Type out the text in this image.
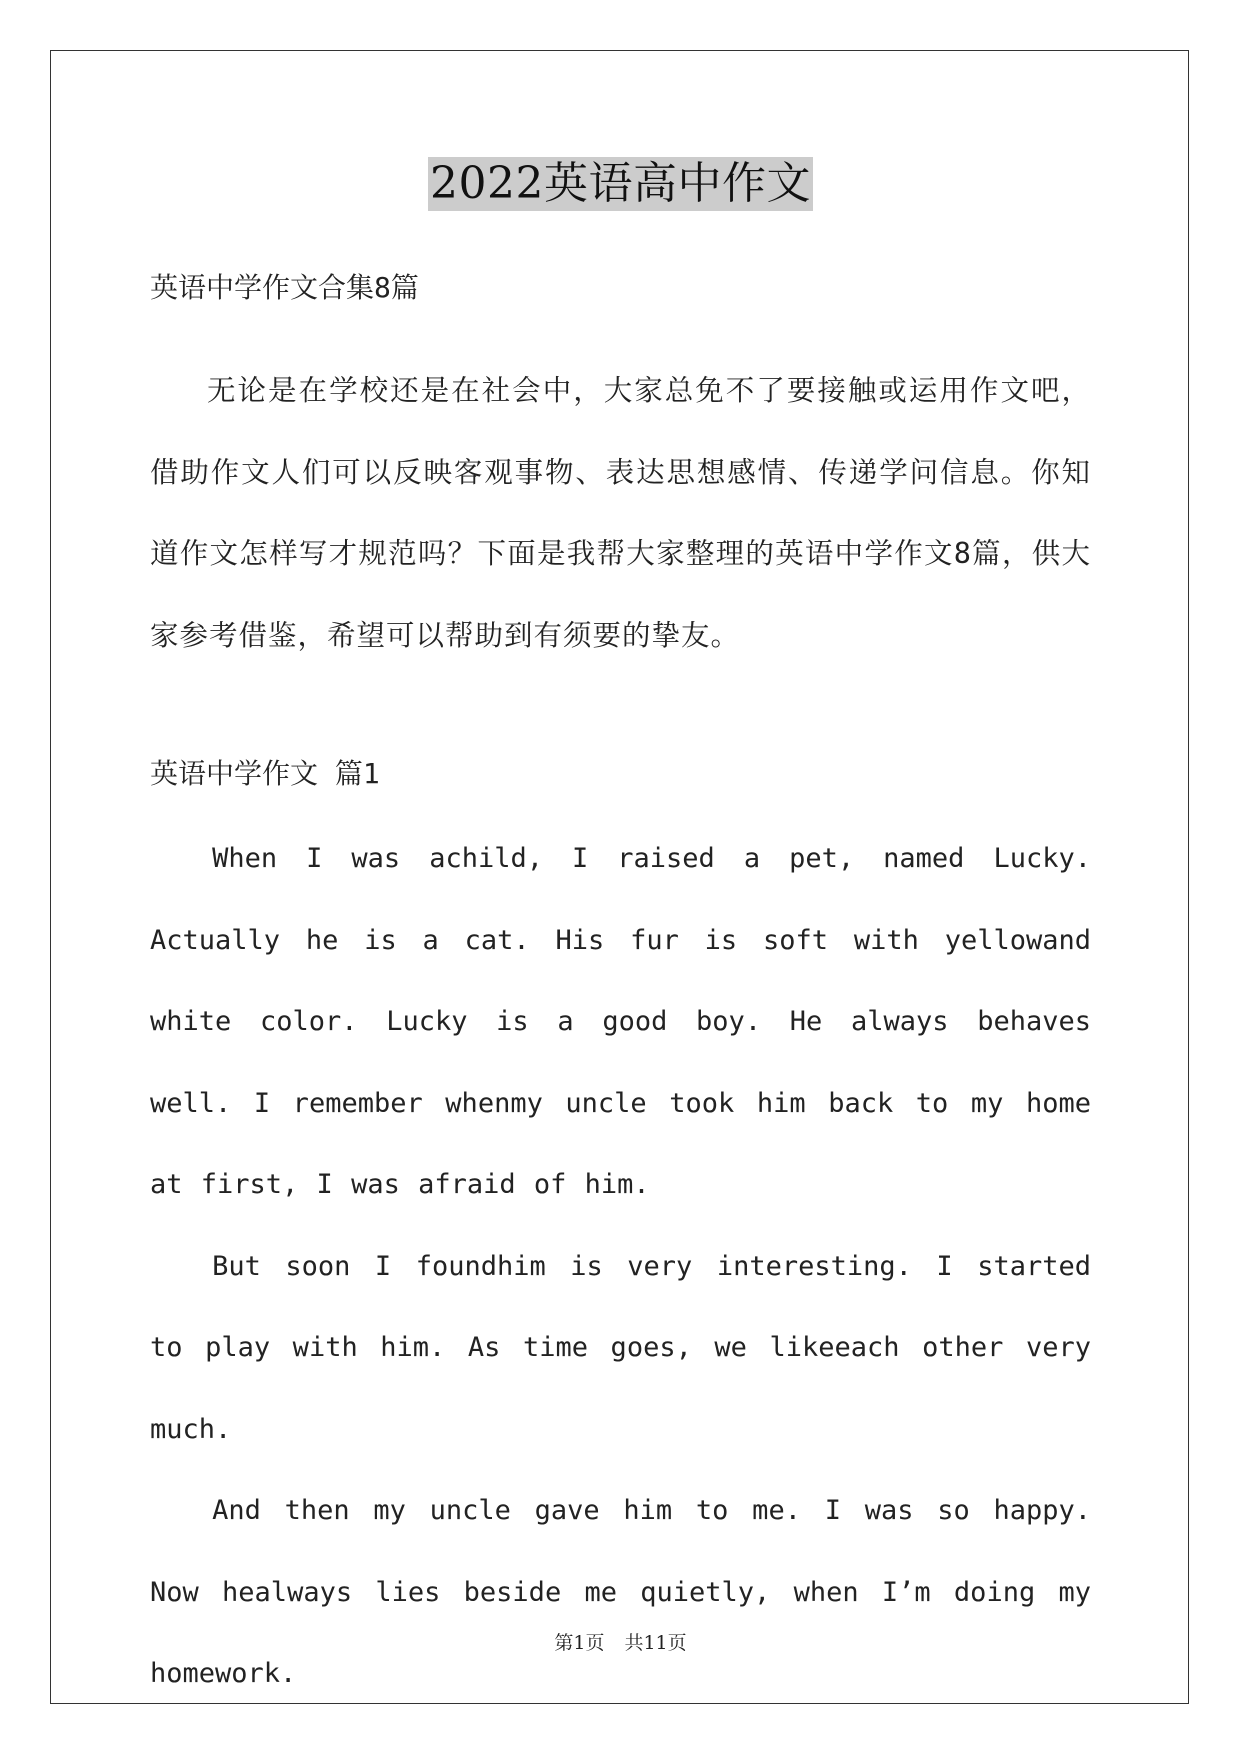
2022英语高中作文
英语中学作文合集8篇
无论是在学校还是在社会中，大家总免不了要接触或运用作文吧，借助作文人们可以反映客观事物、表达思想感情、传递学问信息。你知道作文怎样写才规范吗？下面是我帮大家整理的英语中学作文8篇，供大家参考借鉴，希望可以帮助到有须要的挚友。
英语中学作文 篇1

When I was achild, I raised a pet, named Lucky. Actually he is a cat. His fur is soft with yellowand white color. Lucky is a good boy. He always behaves well. I remember whenmy uncle took him back to my home at first, I was afraid of him.

But soon I foundhim is very interesting. I started to play with him. As time goes, we likeeach other very much.

And then my uncle gave him to me. I was so happy. Now healways lies beside me quietly, when I’m doing my homework.

第1页 共11页
